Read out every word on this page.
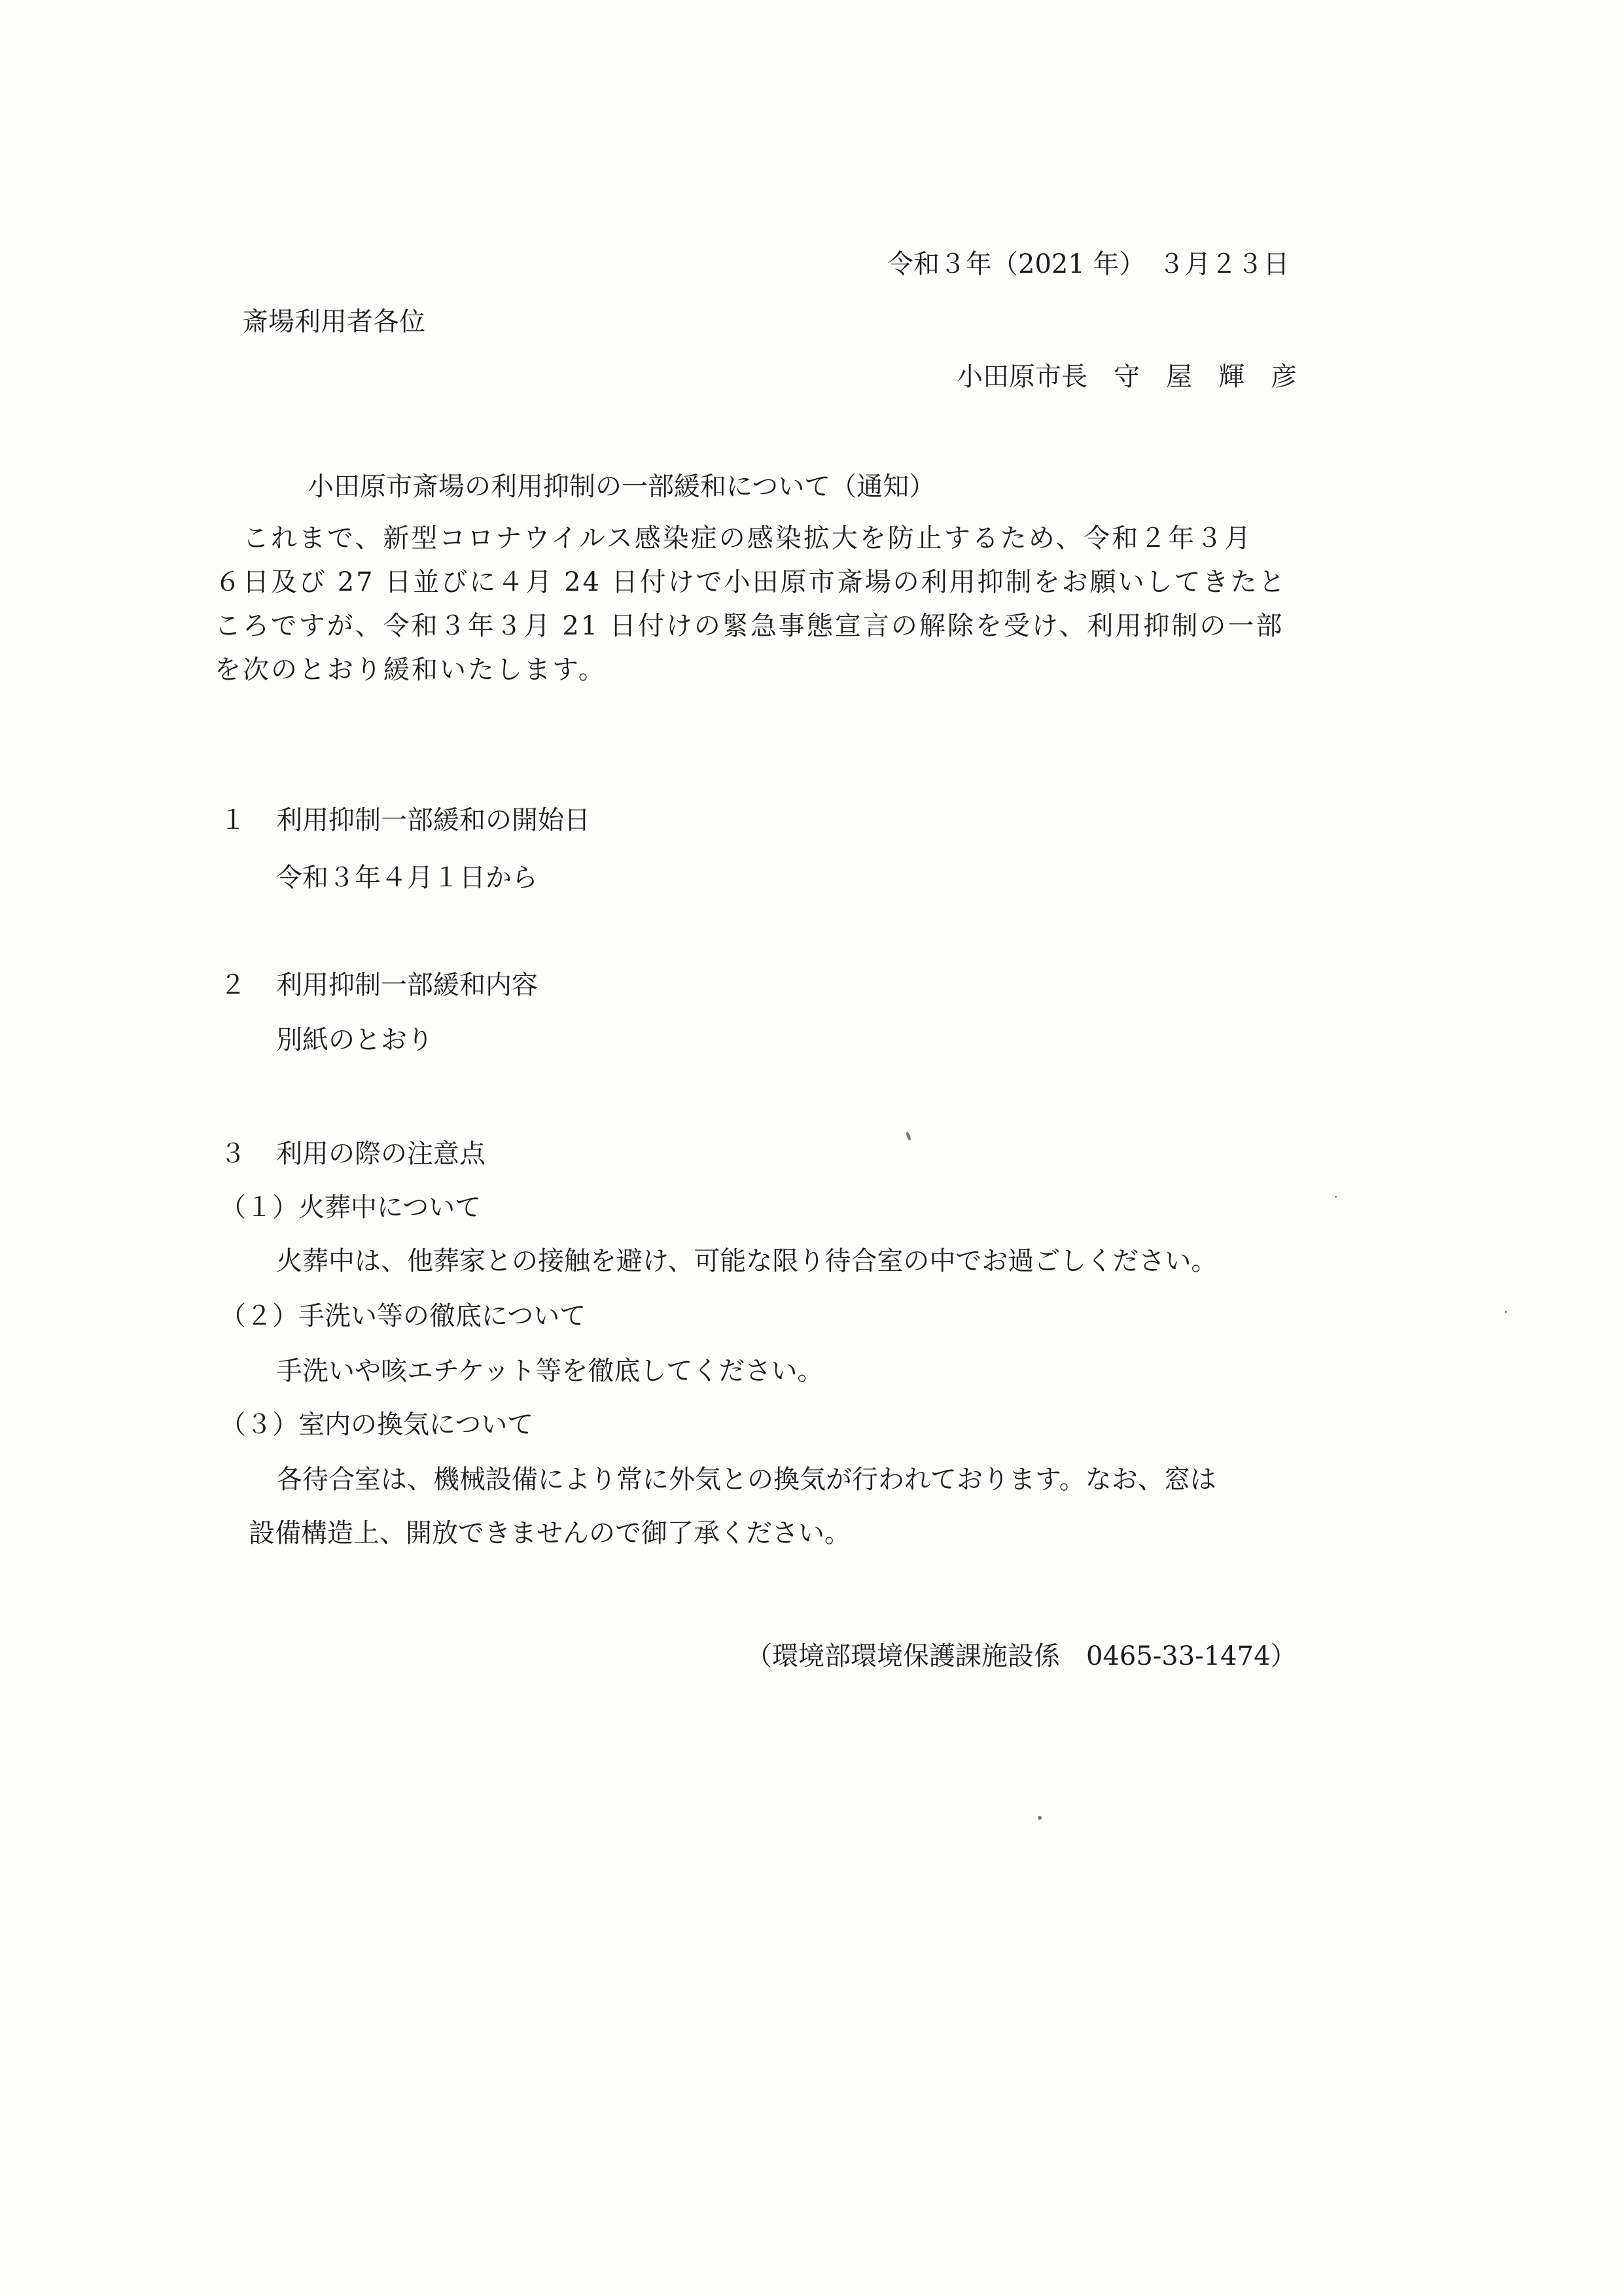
令和３年（2021 年）　３月２３日
斎場利用者各位
小田原市長　守　屋　輝　彦
小田原市斎場の利用抑制の一部緩和について（通知）
　これまで、新型コロナウイルス感染症の感染拡大を防止するため、令和２年３月
６日及び 27 日並びに４月 24 日付けで小田原市斎場の利用抑制をお願いしてきたと
ころですが、令和３年３月 21 日付けの緊急事態宣言の解除を受け、利用抑制の一部
を次のとおり緩和いたします。
１ 利用抑制一部緩和の開始日
令和３年４月１日から
２ 利用抑制一部緩和内容
別紙のとおり
３ 利用の際の注意点
（１）火葬中について
火葬中は、他葬家との接触を避け、可能な限り待合室の中でお過ごしください。
（２）手洗い等の徹底について
手洗いや咳エチケット等を徹底してください。
（３）室内の換気について
各待合室は、機械設備により常に外気との換気が行われております。なお、窓は
設備構造上、開放できませんので御了承ください。
（環境部環境保護課施設係　0465-33-1474）
